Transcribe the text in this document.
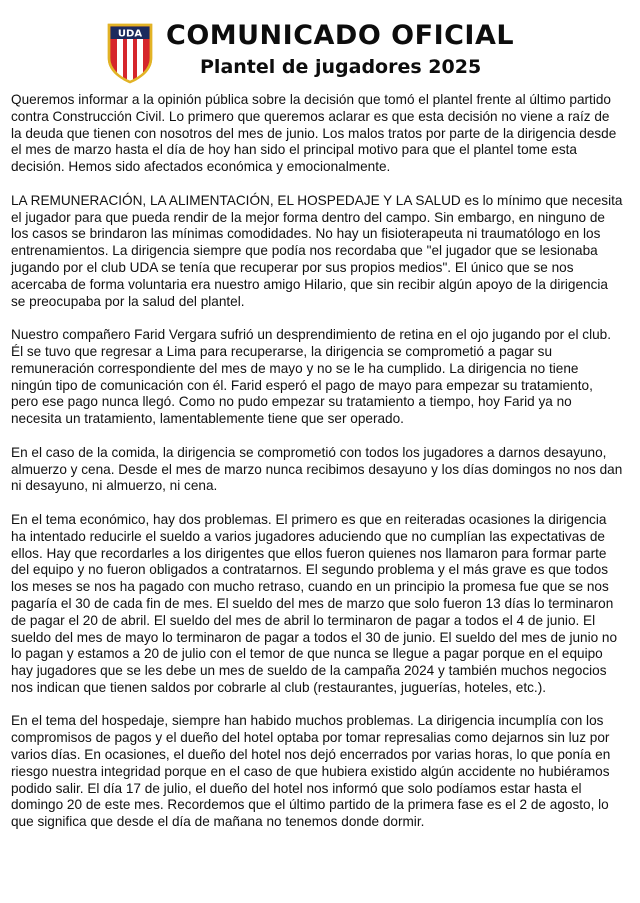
UDA COMUNICADO OFICIAL
Plantel de jugadores 2025

Queremos informar a la opinión pública sobre la decisión que tomó el plantel frente al último partido contra Construcción Civil. Lo primero que queremos aclarar es que esta decisión no viene a raíz de la deuda que tienen con nosotros del mes de junio. Los malos tratos por parte de la dirigencia desde el mes de marzo hasta el día de hoy han sido el principal motivo para que el plantel tome esta decisión. Hemos sido afectados económica y emocionalmente.

LA REMUNERACIÓN, LA ALIMENTACIÓN, EL HOSPEDAJE Y LA SALUD es lo mínimo que necesita el jugador para que pueda rendir de la mejor forma dentro del campo. Sin embargo, en ninguno de los casos se brindaron las mínimas comodidades. No hay un fisioterapeuta ni traumatólogo en los entrenamientos. La dirigencia siempre que podía nos recordaba que "el jugador que se lesionaba jugando por el club UDA se tenía que recuperar por sus propios medios". El único que se nos acercaba de forma voluntaria era nuestro amigo Hilario, que sin recibir algún apoyo de la dirigencia se preocupaba por la salud del plantel.

Nuestro compañero Farid Vergara sufrió un desprendimiento de retina en el ojo jugando por el club. Él se tuvo que regresar a Lima para recuperarse, la dirigencia se comprometió a pagar su remuneración correspondiente del mes de mayo y no se le ha cumplido. La dirigencia no tiene ningún tipo de comunicación con él. Farid esperó el pago de mayo para empezar su tratamiento, pero ese pago nunca llegó. Como no pudo empezar su tratamiento a tiempo, hoy Farid ya no necesita un tratamiento, lamentablemente tiene que ser operado.

En el caso de la comida, la dirigencia se comprometió con todos los jugadores a darnos desayuno, almuerzo y cena. Desde el mes de marzo nunca recibimos desayuno y los días domingos no nos dan ni desayuno, ni almuerzo, ni cena.

En el tema económico, hay dos problemas. El primero es que en reiteradas ocasiones la dirigencia ha intentado reducirle el sueldo a varios jugadores aduciendo que no cumplían las expectativas de ellos. Hay que recordarles a los dirigentes que ellos fueron quienes nos llamaron para formar parte del equipo y no fueron obligados a contratarnos. El segundo problema y el más grave es que todos los meses se nos ha pagado con mucho retraso, cuando en un principio la promesa fue que se nos pagaría el 30 de cada fin de mes. El sueldo del mes de marzo que solo fueron 13 días lo terminaron de pagar el 20 de abril. El sueldo del mes de abril lo terminaron de pagar a todos el 4 de junio. El sueldo del mes de mayo lo terminaron de pagar a todos el 30 de junio. El sueldo del mes de junio no lo pagan y estamos a 20 de julio con el temor de que nunca se llegue a pagar porque en el equipo hay jugadores que se les debe un mes de sueldo de la campaña 2024 y también muchos negocios nos indican que tienen saldos por cobrarle al club (restaurantes, juguerías, hoteles, etc.).

En el tema del hospedaje, siempre han habido muchos problemas. La dirigencia incumplía con los compromisos de pagos y el dueño del hotel optaba por tomar represalias como dejarnos sin luz por varios días. En ocasiones, el dueño del hotel nos dejó encerrados por varias horas, lo que ponía en riesgo nuestra integridad porque en el caso de que hubiera existido algún accidente no hubiéramos podido salir. El día 17 de julio, el dueño del hotel nos informó que solo podíamos estar hasta el domingo 20 de este mes. Recordemos que el último partido de la primera fase es el 2 de agosto, lo que significa que desde el día de mañana no tenemos donde dormir.
